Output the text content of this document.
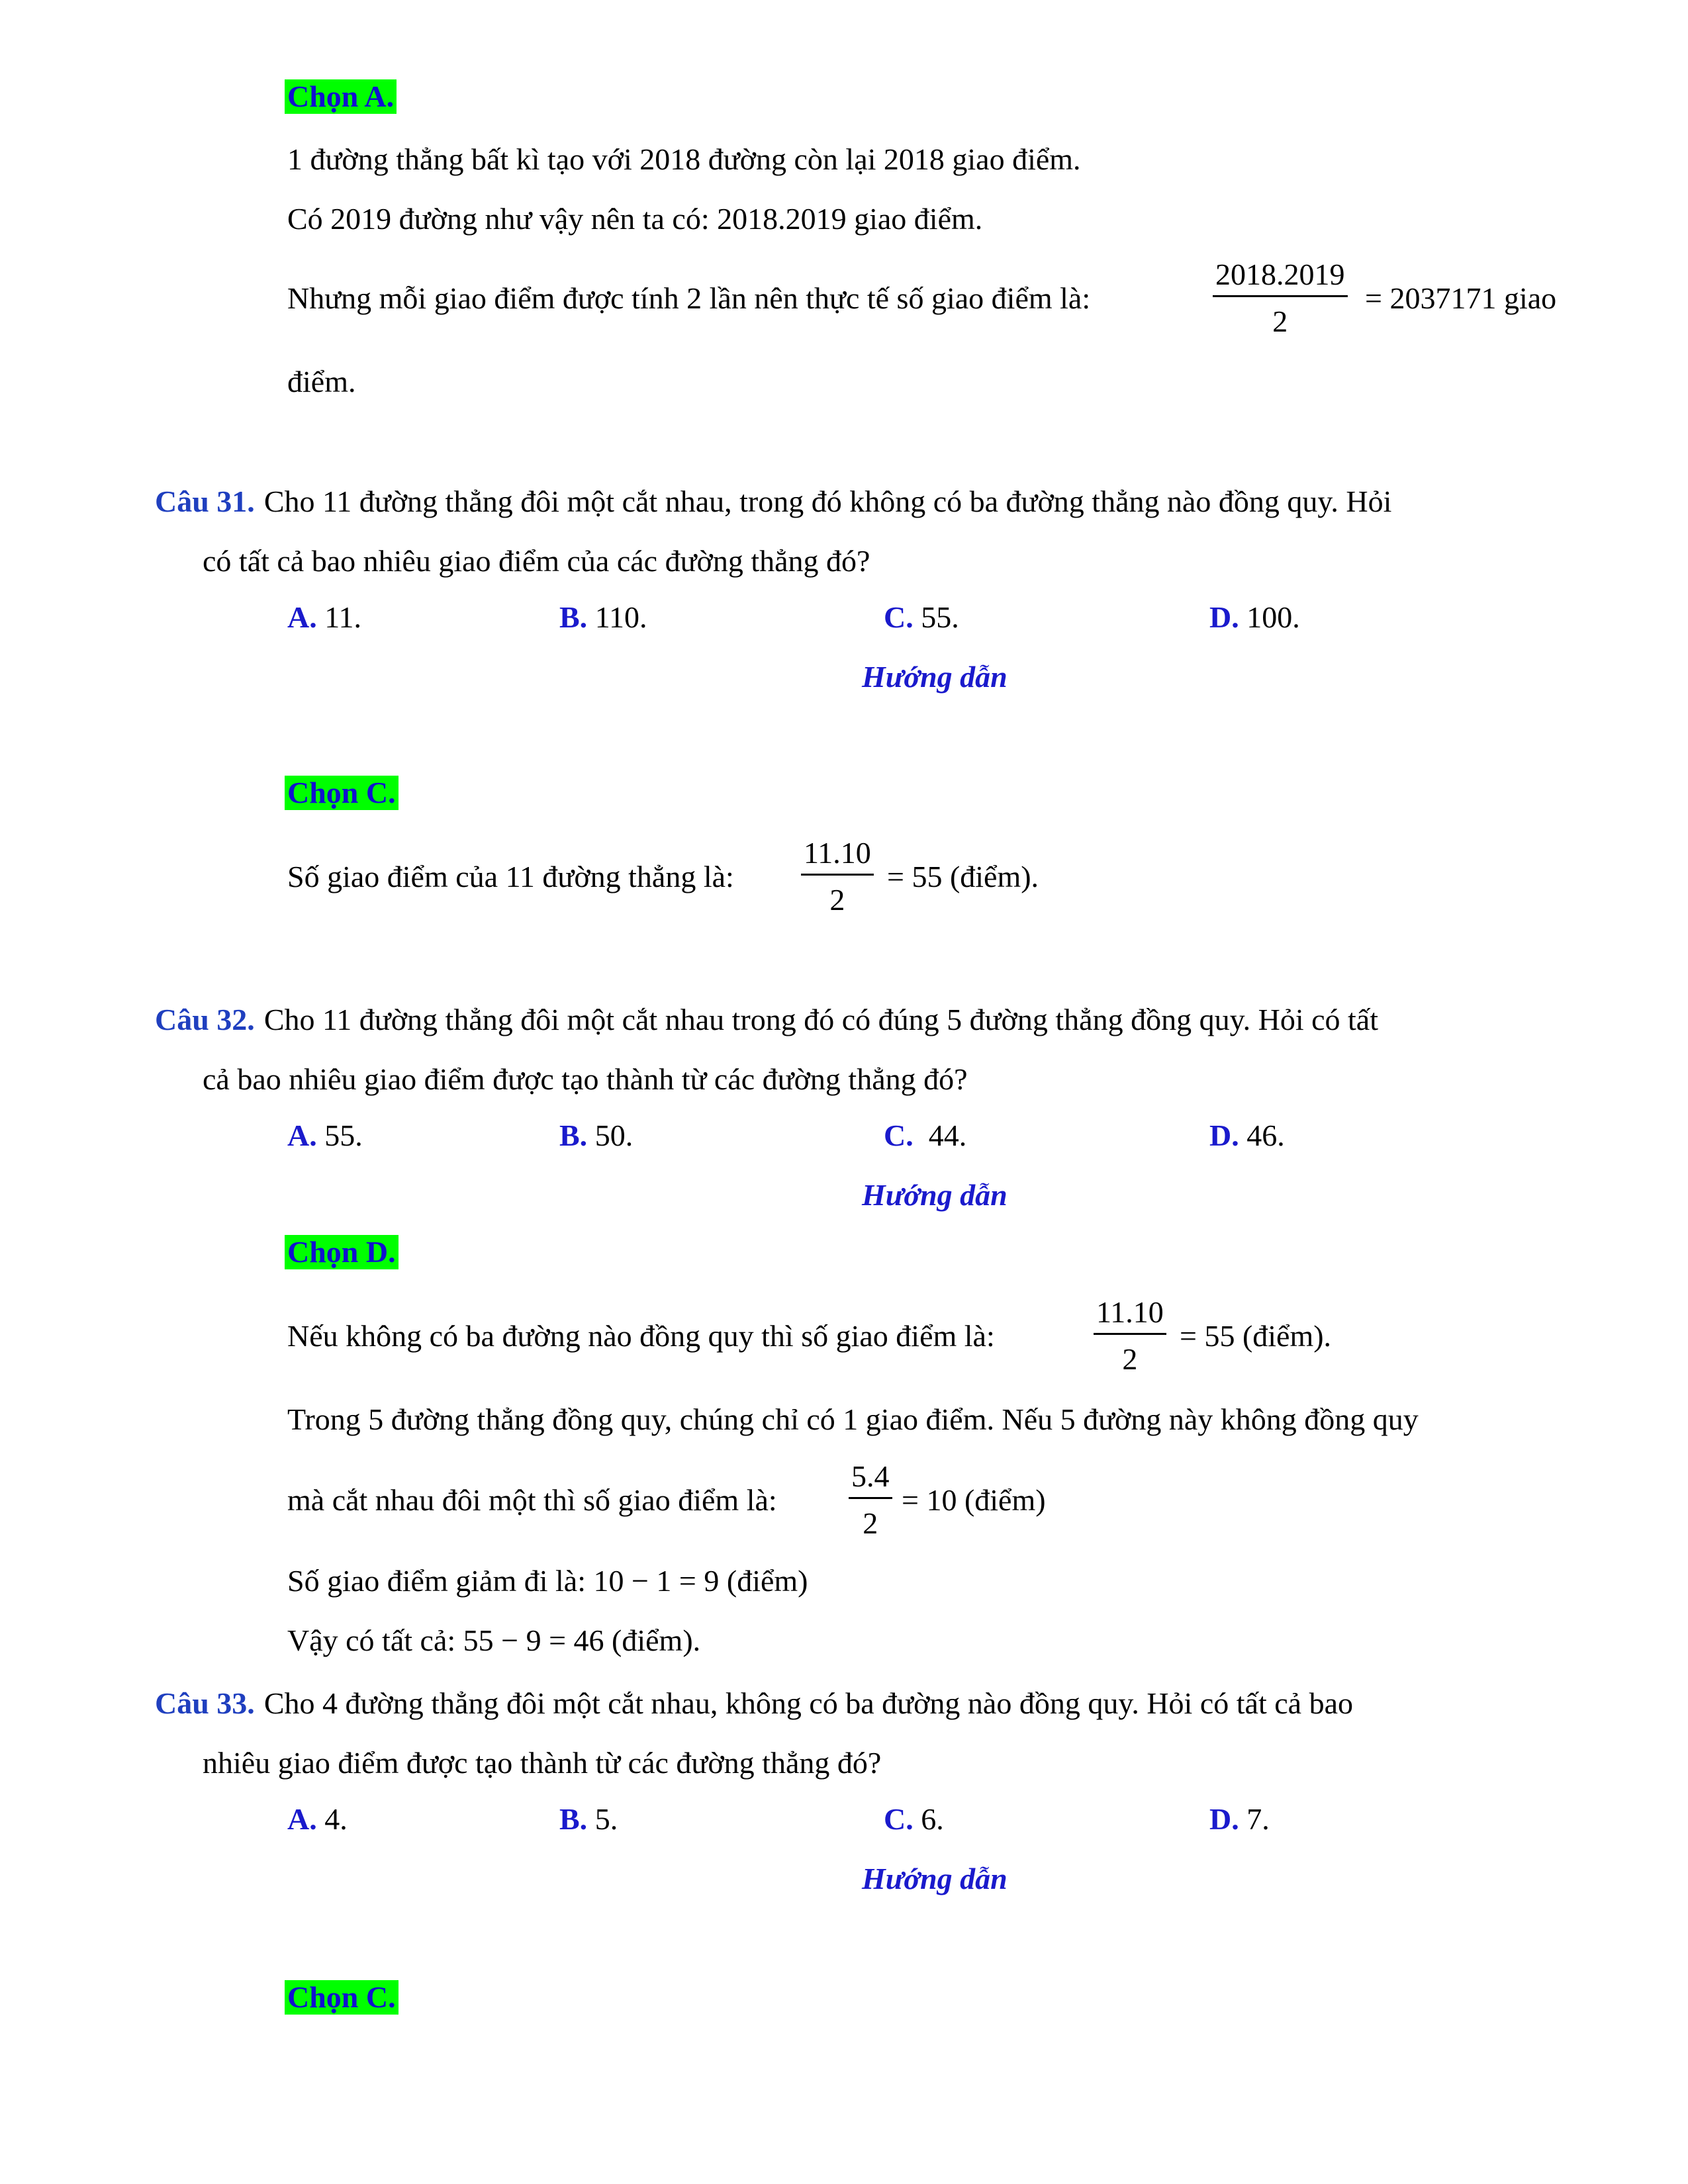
Chọn A.
1 đường thẳng bất kì tạo với 2018 đường còn lại 2018 giao điểm.
Có 2019 đường như vậy nên ta có: 2018.2019 giao điểm.
Nhưng mỗi giao điểm được tính 2 lần nên thực tế số giao điểm là:	$\frac{2018.2019}{2} = 2037171$ giao
điểm.
Câu 31. Cho 11 đường thẳng đôi một cắt nhau, trong đó không có ba đường thẳng nào đồng quy. Hỏi
có tất cả bao nhiêu giao điểm của các đường thẳng đó?
A. 11.	B. 110.	C. 55.	D. 100.
Hướng dẫn
Chọn C.
Số giao điểm của 11 đường thẳng là: $\frac{11.10}{2} = 55$ (điểm).
Câu 32. Cho 11 đường thẳng đôi một cắt nhau trong đó có đúng 5 đường thẳng đồng quy. Hỏi có tất
cả bao nhiêu giao điểm được tạo thành từ các đường thẳng đó?
A. 55.	B. 50.	C. 44.	D. 46.
Hướng dẫn
Chọn D.
Nếu không có ba đường nào đồng quy thì số giao điểm là:	$\frac{11.10}{2} = 55$ (điểm).
Trong 5 đường thẳng đồng quy, chúng chỉ có 1 giao điểm. Nếu 5 đường này không đồng quy
mà cắt nhau đôi một thì số giao điểm là: $\frac{5.4}{2} = 10$ (điểm)
Số giao điểm giảm đi là: 10 − 1 = 9 (điểm)
Vậy có tất cả: 55 − 9 = 46 (điểm).
Câu 33. Cho 4 đường thẳng đôi một cắt nhau, không có ba đường nào đồng quy. Hỏi có tất cả bao
nhiêu giao điểm được tạo thành từ các đường thẳng đó?
A. 4.	B. 5.	C. 6.	D. 7.
Hướng dẫn
Chọn C.
